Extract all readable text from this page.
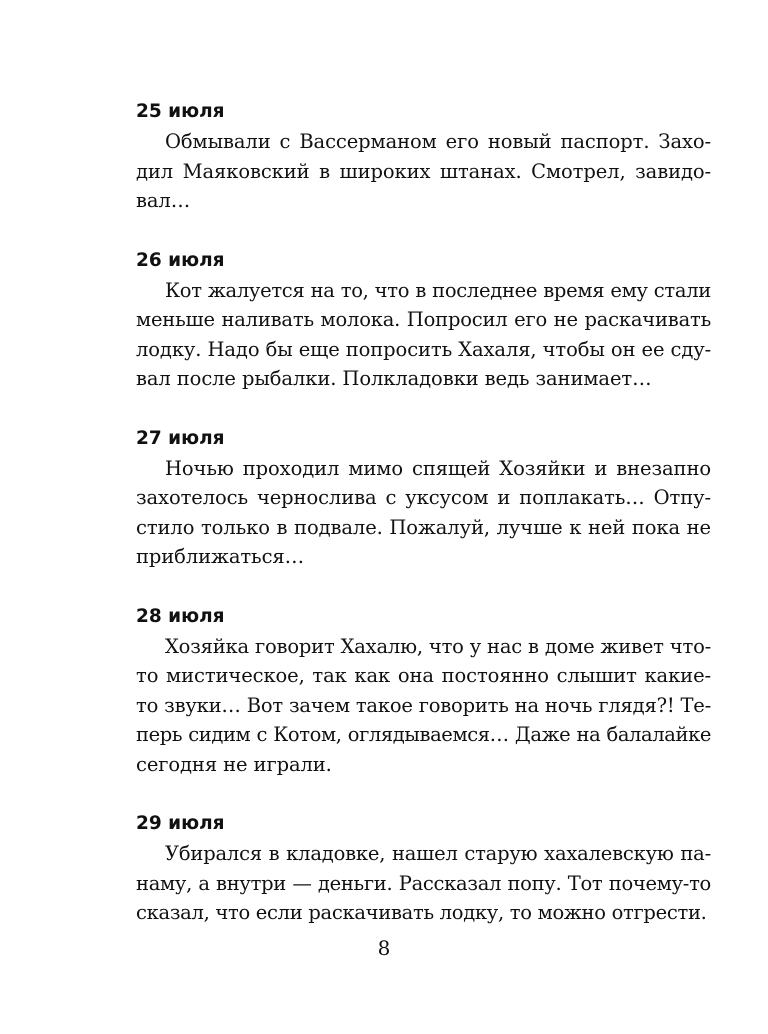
25 июля
Обмывали с Вассерманом его новый паспорт. Захо-
дил Маяковский в широких штанах. Смотрел, завидо-
вал…
26 июля
Кот жалуется на то, что в последнее время ему стали
меньше наливать молока. Попросил его не раскачивать
лодку. Надо бы еще попросить Хахаля, чтобы он ее сду-
вал после рыбалки. Полкладовки ведь занимает…
27 июля
Ночью проходил мимо спящей Хозяйки и внезапно
захотелось чернослива с уксусом и поплакать… Отпу-
стило только в подвале. Пожалуй, лучше к ней пока не
приближаться…
28 июля
Хозяйка говорит Хахалю, что у нас в доме живет что-
то мистическое, так как она постоянно слышит какие-
то звуки… Вот зачем такое говорить на ночь глядя?! Те-
перь сидим с Котом, оглядываемся… Даже на балалайке
сегодня не играли.
29 июля
Убирался в кладовке, нашел старую хахалевскую па-
наму, а внутри — деньги. Рассказал попу. Тот почему-то
сказал, что если раскачивать лодку, то можно отгрести.
8
